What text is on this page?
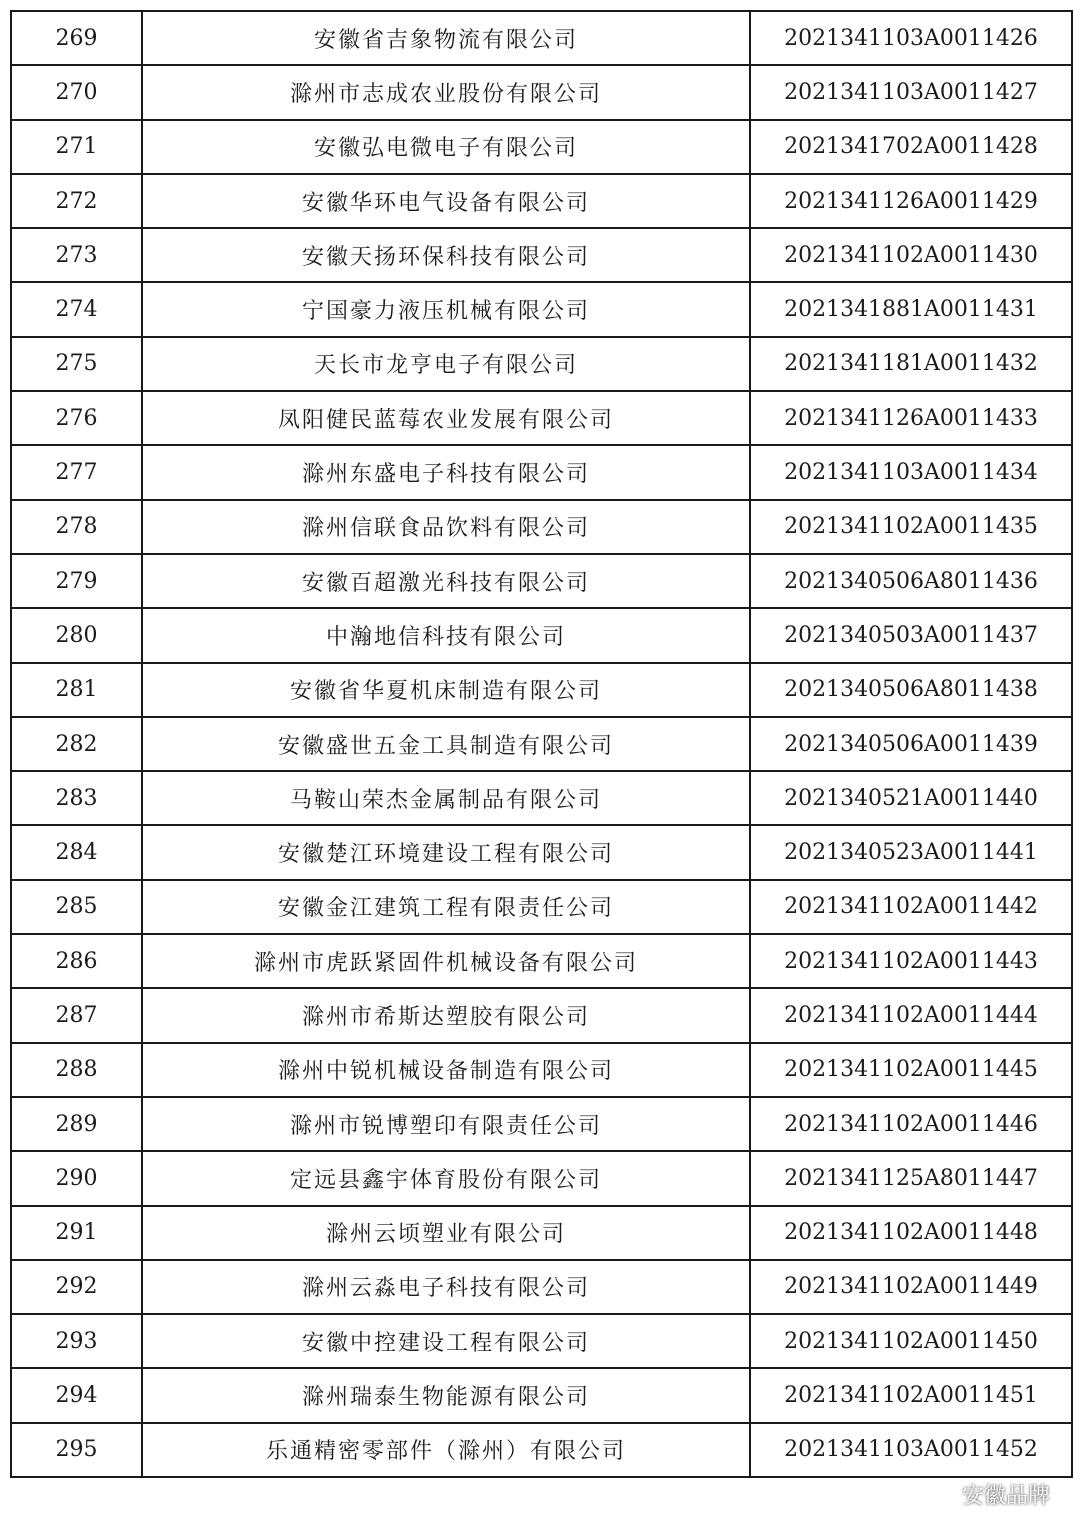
269	安徽省吉象物流有限公司	2021341103A0011426
270	滁州市志成农业股份有限公司	2021341103A0011427
271	安徽弘电微电子有限公司	2021341702A0011428
272	安徽华环电气设备有限公司	2021341126A0011429
273	安徽天扬环保科技有限公司	2021341102A0011430
274	宁国豪力液压机械有限公司	2021341881A0011431
275	天长市龙亨电子有限公司	2021341181A0011432
276	凤阳健民蓝莓农业发展有限公司	2021341126A0011433
277	滁州东盛电子科技有限公司	2021341103A0011434
278	滁州信联食品饮料有限公司	2021341102A0011435
279	安徽百超激光科技有限公司	2021340506A8011436
280	中瀚地信科技有限公司	2021340503A0011437
281	安徽省华夏机床制造有限公司	2021340506A8011438
282	安徽盛世五金工具制造有限公司	2021340506A0011439
283	马鞍山荣杰金属制品有限公司	2021340521A0011440
284	安徽楚江环境建设工程有限公司	2021340523A0011441
285	安徽金江建筑工程有限责任公司	2021341102A0011442
286	滁州市虎跃紧固件机械设备有限公司	2021341102A0011443
287	滁州市希斯达塑胶有限公司	2021341102A0011444
288	滁州中锐机械设备制造有限公司	2021341102A0011445
289	滁州市锐博塑印有限责任公司	2021341102A0011446
290	定远县鑫宇体育股份有限公司	2021341125A8011447
291	滁州云顷塑业有限公司	2021341102A0011448
292	滁州云淼电子科技有限公司	2021341102A0011449
293	安徽中控建设工程有限公司	2021341102A0011450
294	滁州瑞泰生物能源有限公司	2021341102A0011451
295	乐通精密零部件（滁州）有限公司	2021341103A0011452
安徽品牌
